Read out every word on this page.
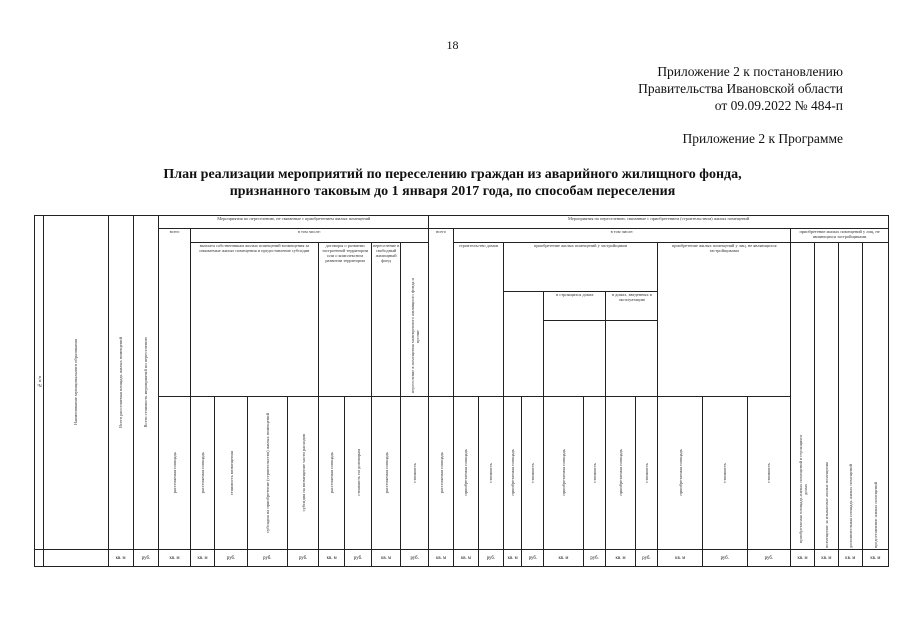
18
Приложение 2 к постановлению
Правительства Ивановской области
от 09.09.2022 № 484-п
Приложение 2 к Программе
План реализации мероприятий по переселению граждан из аварийного жилищного фонда,
признанного таковым до 1 января 2017 года, по способам переселения
№ п/п	Наименование муниципального образования	Всего расселяемая площадь жилых помещений	Всего стоимость мероприятий по переселению	Мероприятия по переселению, не связанные с приобретением жилых помещений									Мероприятия по переселению, связанные с приобретением (строительством) жилых помещений															
				всего	в том числе:								всего	в том числе:											приобретение жилых помещений у лиц, не являющихся застройщиками			
					выплата собственникам жилых помещений возмещения за изымаемые жилые помещения и предоставление субсидии				договоры о развитии застроенной территории или о комплексном развитии территории		переселение в свободный жилищный фонд	переселение в помещения маневренного жилищного фонда и прочие		строительство домов		приобретение жилых помещений у застройщиков						приобретение жилых помещений у лиц, не являющихся застройщиками			приобретаемая площадь жилых помещений в строящихся домах	возмещение за изымаемые жилые помещения	дополнительная площадь жилых помещений	предоставление жилых помещений
																		в строящихся домах		в домах, введенных в эксплуатацию								

				расселяемая площадь	расселяемая площадь	стоимость возмещения	субсидия на приобретение (строительство) жилых помещений	субсидия на возмещение части расходов	расселяемая площадь	стоимость по договорам	расселяемая площадь	стоимость	расселяемая площадь	приобретаемая площадь	стоимость	приобретаемая площадь	стоимость	приобретаемая площадь	стоимость	приобретаемая площадь	стоимость	приобретаемая площадь	стоимость	стоимость				
		кв. м	руб.	кв. м	кв. м	руб.	руб.	руб.	кв. м	руб.	кв. м	руб.	кв. м	кв. м	руб.	кв. м	руб.	кв. м	руб.	кв. м	руб.	кв. м	руб.	руб.	кв. м	кв. м	кв. м	кв. м
